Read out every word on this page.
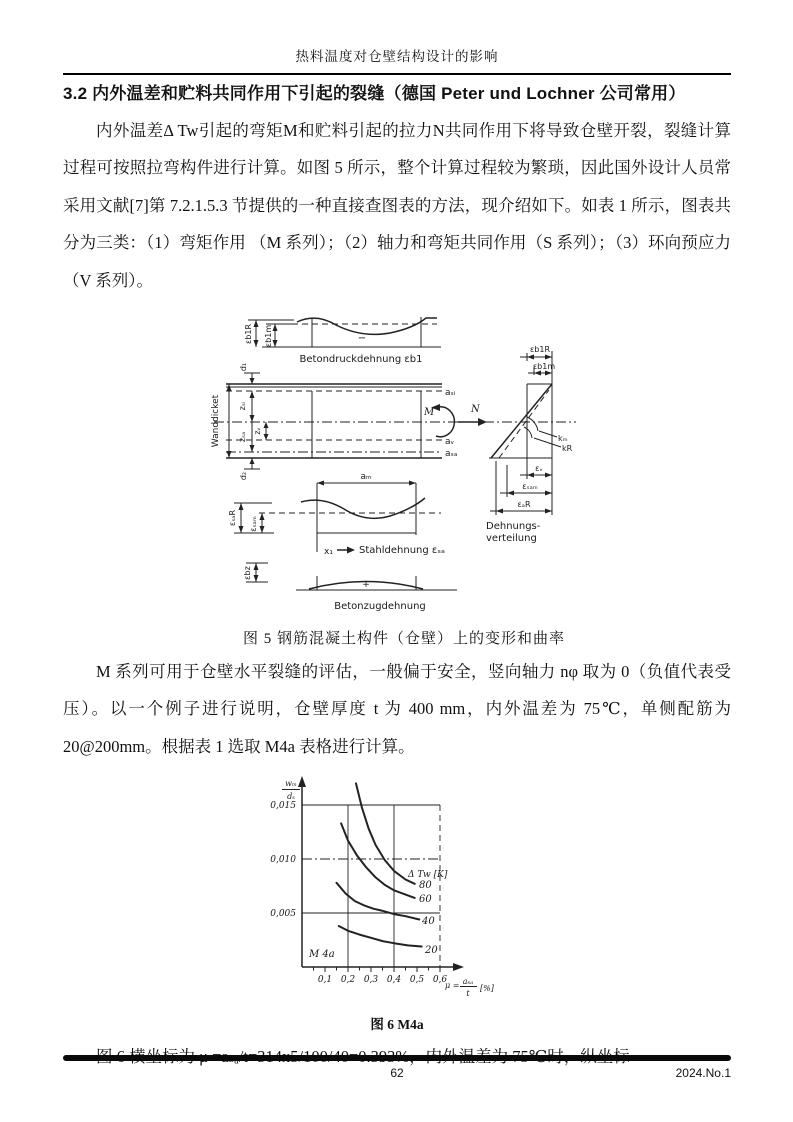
热料温度对仓壁结构设计的影响
3.2 内外温差和贮料共同作用下引起的裂缝（德国 Peter und Lochner 公司常用）

内外温差Δ Tw引起的弯矩M和贮料引起的拉力N共同作用下将导致仓壁开裂，裂缝计算过程可按照拉弯构件进行计算。如图 5 所示，整个计算过程较为繁琐，因此国外设计人员常采用文献[7]第 7.2.1.5.3 节提供的一种直接查图表的方法，现介绍如下。如表 1 所示，图表共分为三类：（1）弯矩作用 （M 系列）；（2）轴力和弯矩共同作用（S 系列）；（3）环向预应力（V 系列）。

−
εb1R εb1m
Betondruckdehnung εb1
aₛᵢ
aᵥ
aₛₐ
Wanddicket
d₁
zₛᵢ
zₛₐ
zᵥ
d₂
M	N
εb1R
εb1m
kₘ
kR
εᵥ
εₛₐₘ
εₐR
Dehnungs-
verteilung
aₘ
εₛₐR εₛₐₘ
x₁	Stahldehnung εₛₐ
εbz
+
Betonzugdehnung
图 5 钢筋混凝土构件（仓壁）上的变形和曲率

M 系列可用于仓壁水平裂缝的评估，一般偏于安全，竖向轴力 nφ 取为 0（负值代表受压）。以一个例子进行说明，仓壁厚度 t 为 400 mm，内外温差为 75℃，单侧配筋为　20@200mm。根据表 1 选取 M4a 表格进行计算。

wₘ
dₛ
0,015
0,010
0,005
0,1 0,2 0,3 0,4 0,5 0,6
μ = aₛₐ
t
[%]
Δ Tw [K]
80
60
40
20
M 4a
图 6 M4a

62	2024.No.1
